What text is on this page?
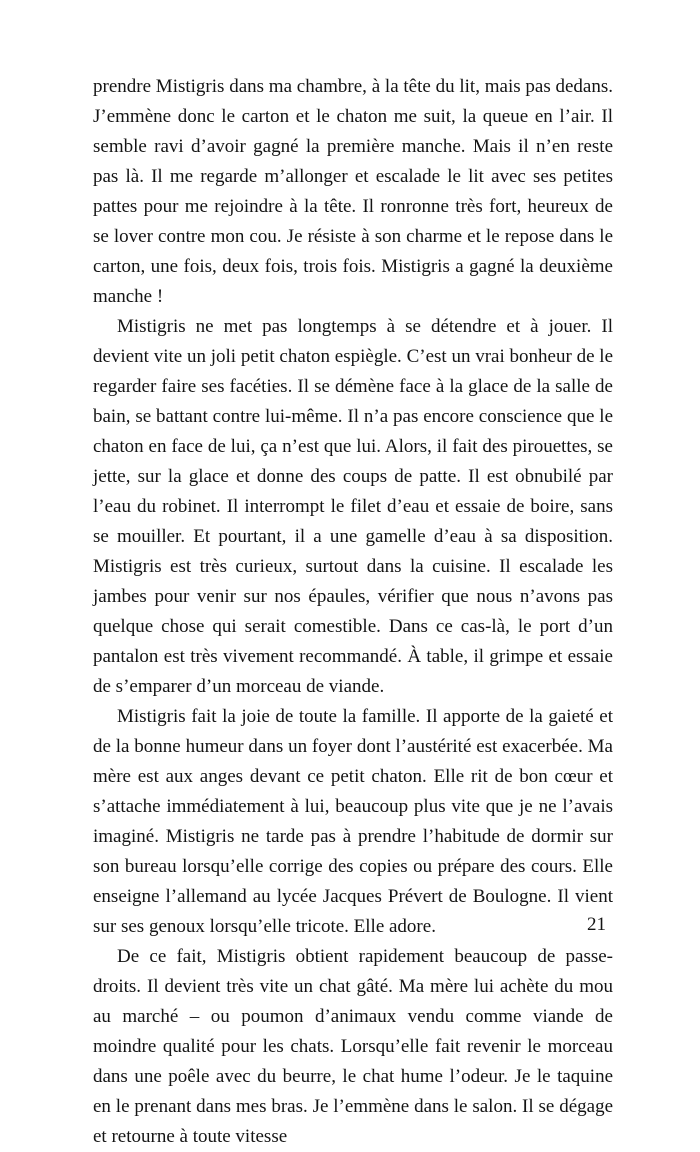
prendre Mistigris dans ma chambre, à la tête du lit, mais pas dedans. J’emmène donc le carton et le chaton me suit, la queue en l’air. Il semble ravi d’avoir gagné la première manche. Mais il n’en reste pas là. Il me regarde m’allonger et escalade le lit avec ses petites pattes pour me rejoindre à la tête. Il ronronne très fort, heureux de se lover contre mon cou. Je résiste à son charme et le repose dans le carton, une fois, deux fois, trois fois. Mistigris a gagné la deuxième manche !

Mistigris ne met pas longtemps à se détendre et à jouer. Il devient vite un joli petit chaton espiègle. C’est un vrai bonheur de le regarder faire ses facéties. Il se démène face à la glace de la salle de bain, se battant contre lui-même. Il n’a pas encore conscience que le chaton en face de lui, ça n’est que lui. Alors, il fait des pirouettes, se jette, sur la glace et donne des coups de patte. Il est obnubilé par l’eau du robinet. Il interrompt le filet d’eau et essaie de boire, sans se mouiller. Et pourtant, il a une gamelle d’eau à sa disposition. Mistigris est très curieux, surtout dans la cuisine. Il escalade les jambes pour venir sur nos épaules, vérifier que nous n’avons pas quelque chose qui serait comestible. Dans ce cas-là, le port d’un pantalon est très vivement recommandé. À table, il grimpe et essaie de s’emparer d’un morceau de viande.

Mistigris fait la joie de toute la famille. Il apporte de la gaieté et de la bonne humeur dans un foyer dont l’austérité est exacerbée. Ma mère est aux anges devant ce petit chaton. Elle rit de bon cœur et s’attache immédiatement à lui, beaucoup plus vite que je ne l’avais imaginé. Mistigris ne tarde pas à prendre l’habitude de dormir sur son bureau lorsqu’elle corrige des copies ou prépare des cours. Elle enseigne l’allemand au lycée Jacques Prévert de Boulogne. Il vient sur ses genoux lorsqu’elle tricote. Elle adore.

De ce fait, Mistigris obtient rapidement beaucoup de passe-droits. Il devient très vite un chat gâté. Ma mère lui achète du mou au marché – ou poumon d’animaux vendu comme viande de moindre qualité pour les chats. Lorsqu’elle fait revenir le morceau dans une poêle avec du beurre, le chat hume l’odeur. Je le taquine en le prenant dans mes bras. Je l’emmène dans le salon. Il se dégage et retourne à toute vitesse

21
